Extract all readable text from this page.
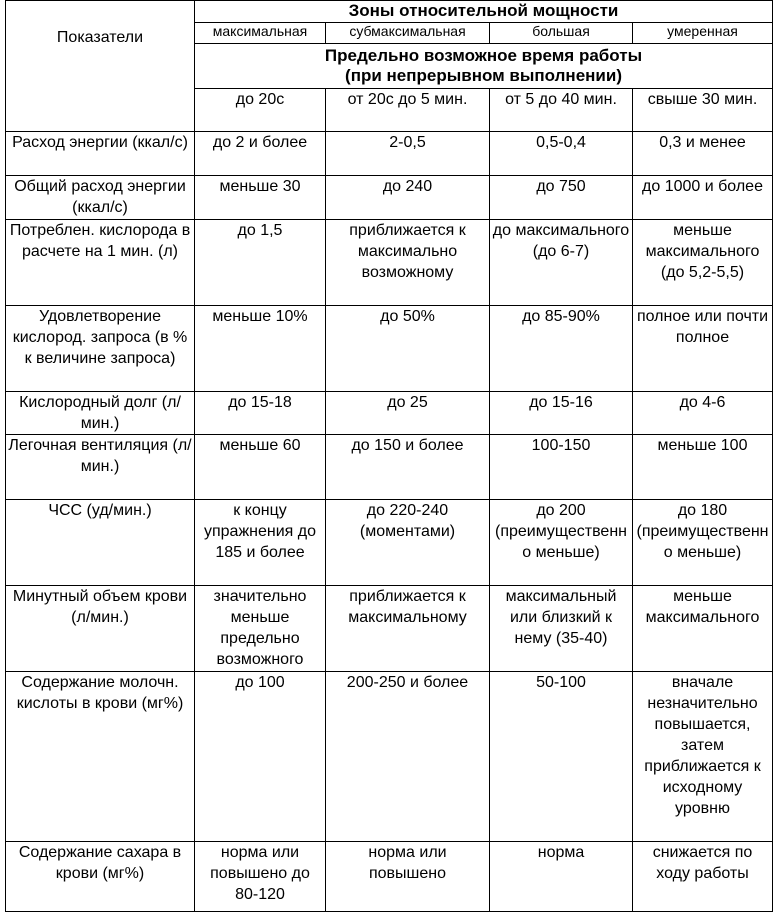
Показатели	Зоны относительной мощности			
	максимальная	субмаксимальная	большая	умеренная

	Предельно возможное время работы
(при непрерывном выполнении)			

	до 20с	от 20с до 5 мин.	от 5 до 40 мин.	свыше 30 мин.
Расход энергии (ккал/с)	до 2 и более	2-0,5	0,5-0,4	0,3 и менее
Общий расход энергии (ккал/с)	меньше 30	до 240	до 750	до 1000 и более
Потреблен. кислорода в расчете на 1 мин. (л)	до 1,5	приближается к максимально возможному	до максимального (до 6-7)	меньше максимального (до 5,2-5,5)
Удовлетворение кислород. запроса (в % к величине запроса)	меньше 10%	до 50%	до 85-90%	полное или почти полное
Кислородный долг (л/мин.)	до 15-18	до 25	до 15-16	до 4-6
Легочная вентиляция (л/мин.)	меньше 60	до 150 и более	100-150	меньше 100
ЧСС (уд/мин.)	к концу упражнения до 185 и более	до 220-240 (моментами)	до 200 (преимущественно меньше)	до 180 (преимущественно меньше)
Минутный объем крови (л/мин.)	значительно меньше предельно возможного	приближается к максимальному	максимальный или близкий к нему (35-40)	меньше максимального
Содержание молочн. кислоты в крови (мг%)	до 100	200-250 и более	50-100	вначале незначительно повышается, затем приближается к исходному уровню
Содержание сахара в крови (мг%)	норма или повышено до 80-120	норма или повышено	норма	снижается по ходу работы
